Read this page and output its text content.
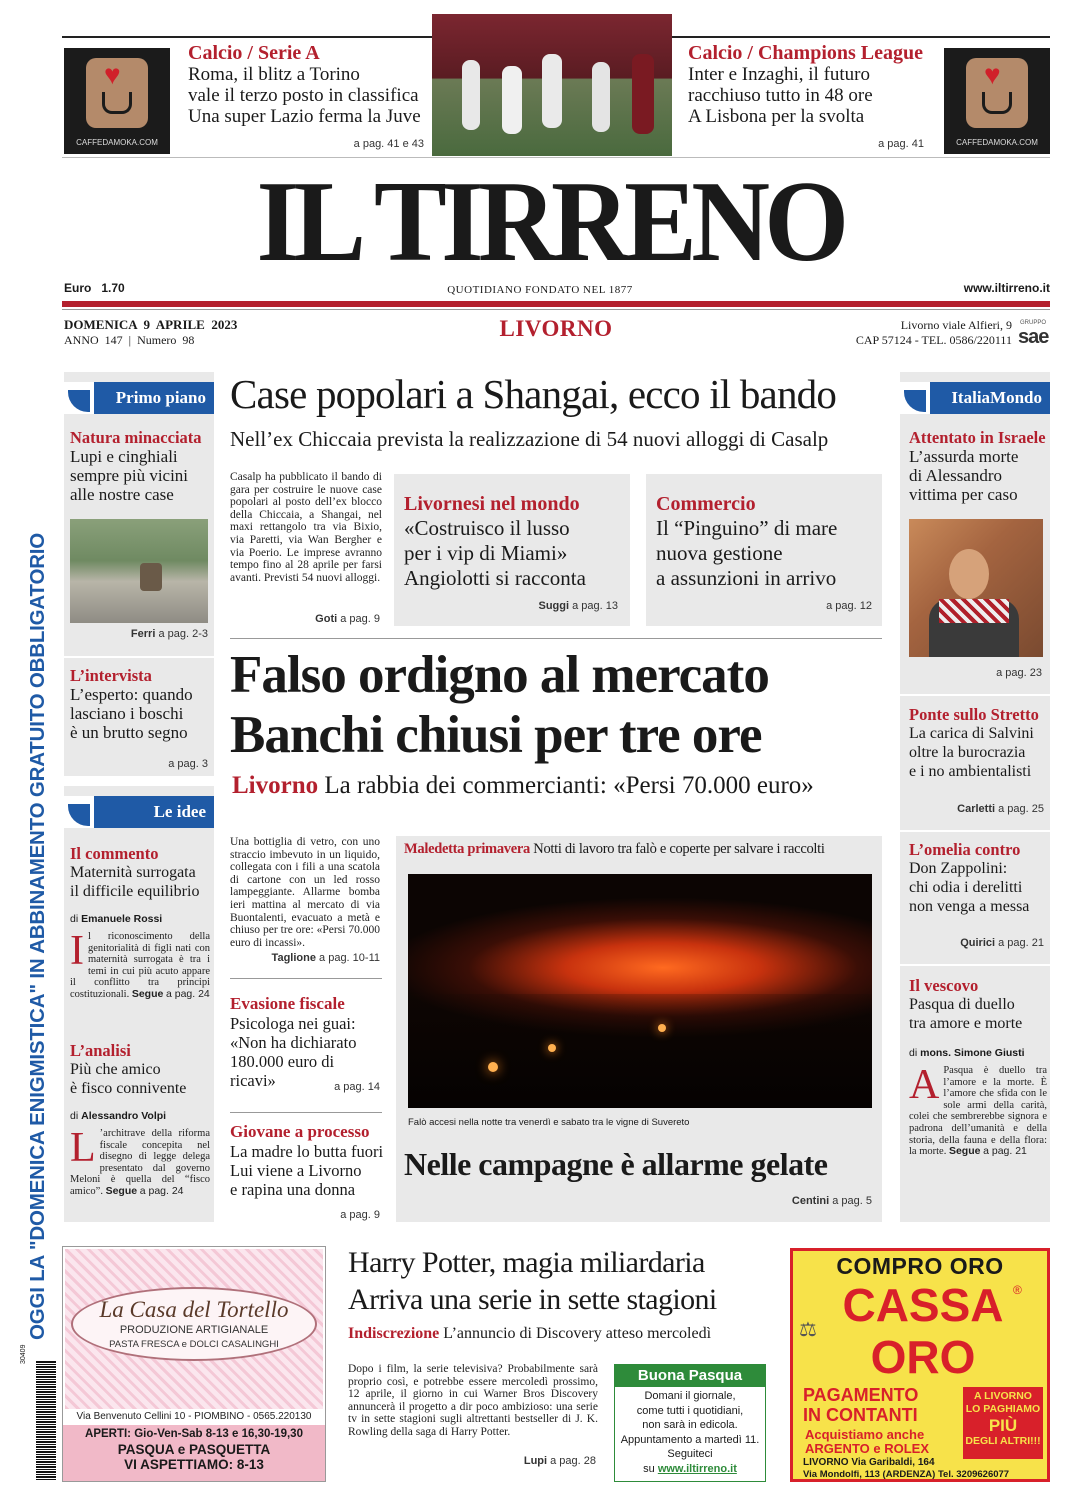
♥
CAFFEDAMOKA.COM
Calcio / Serie A
Roma, il blitz a Torino
vale il terzo posto in classifica
Una super Lazio ferma la Juve
a pag. 41 e 43
Calcio / Champions League
Inter e Inzaghi, il futuro
racchiuso tutto in 48 ore
A Lisbona per la svolta
a pag. 41
♥
CAFFEDAMOKA.COM
IL TIRRENO
Euro   1.70	QUOTIDIANO FONDATO NEL 1877	www.iltirreno.it
DOMENICA  9  APRILE  2023
ANNO  147  |  Numero  98	LIVORNO	Livorno viale Alfieri, 9
CAP 57124 - TEL. 0586/220111
GRUPPO
sae
OGGI LA "DOMENICA ENIGMISTICA" IN ABBINAMENTO GRATUITO OBBLIGATORIO
Primo piano
Natura minacciata
Lupi e cinghiali
sempre più vicini
alle nostre case
Ferri a pag. 2-3
L’intervista
L’esperto: quando
lasciano i boschi
è un brutto segno
a pag. 3
Le idee
Il commento
Maternità surrogata
il difficile equilibrio
di Emanuele Rossi
Il riconoscimento della genitorialità di figli nati con maternità surrogata è tra i temi in cui più acuto appare il conflitto tra principi costituzionali. Segue a pag. 24
L’analisi
Più che amico
è fisco connivente
di Alessandro Volpi
L ’architrave della riforma fiscale concepita nel disegno di legge delega presentato dal governo Meloni è quella del “fisco amico”. Segue a pag. 24
Case popolari a Shangai, ecco il bando
Nell’ex Chiccaia prevista la realizzazione di 54 nuovi alloggi di Casalp
Casalp ha pubblicato il bando di gara per costruire le nuove case popolari al posto dell’ex blocco della Chiccaia, a Shangai, nel maxi rettangolo tra via Bixio, via Paretti, via Wan Bergher e via Poerio. Le imprese avranno tempo fino al 28 aprile per farsi avanti. Previsti 54 nuovi alloggi.
Goti a pag. 9
Livornesi nel mondo
«Costruisco il lusso
per i vip di Miami»
Angiolotti si racconta
Suggi a pag. 13
Commercio
Il “Pinguino” di mare
nuova gestione
a assunzioni in arrivo
a pag. 12
Falso ordigno al mercato
Banchi chiusi per tre ore
Livorno La rabbia dei commercianti: «Persi 70.000 euro»
Una bottiglia di vetro, con uno straccio imbevuto in un liquido, collegata con i fili a una scatola di cartone con un led rosso lampeggiante. Allarme bomba ieri mattina al mercato di via Buontalenti, evacuato a metà e chiuso per tre ore: «Persi 70.000 euro di incassi».
Taglione a pag. 10-11
Evasione fiscale
Psicologa nei guai:
«Non ha dichiarato
180.000 euro di ricavi»	a pag. 14
Giovane a processo
La madre lo butta fuori
Lui viene a Livorno
e rapina una donna
a pag. 9
Maledetta primavera Notti di lavoro tra falò e coperte per salvare i raccolti
Falò accesi nella notte tra venerdì e sabato tra le vigne di Suvereto
Nelle campagne è allarme gelate
Centini a pag. 5
ItaliaMondo
Attentato in Israele
L’assurda morte
di Alessandro
vittima per caso
a pag. 23
Ponte sullo Stretto
La carica di Salvini
oltre la burocrazia
e i no ambientalisti
Carletti a pag. 25
L’omelia contro
Don Zappolini:
chi odia i derelitti
non venga a messa
Quirici a pag. 21
Il vescovo
Pasqua di duello
tra amore e morte
di mons. Simone Giusti
A Pasqua è duello tra l’amore e la morte. È l’amore che sfida con le sole armi della carità, colei che sembrerebbe signora e padrona dell’umanità e della storia, della fauna e della flora: la morte. Segue a pag. 21
La Casa del Tortello
PRODUZIONE ARTIGIANALE
PASTA FRESCA e DOLCI CASALINGHI
Via Benvenuto Cellini 10 - PIOMBINO - 0565.220130
APERTI: Gio-Ven-Sab 8-13 e 16,30-19,30
PASQUA e PASQUETTA
VI ASPETTIAMO: 8-13
30409
Harry Potter, magia miliardaria
Arriva una serie in sette stagioni
Indiscrezione L’annuncio di Discovery atteso mercoledì
Dopo i film, la serie televisiva? Probabilmente sarà proprio così, e potrebbe essere mercoledì prossimo, 12 aprile, il giorno in cui Warner Bros Discovery annuncerà il progetto a dir poco ambizioso: una serie tv in sette stagioni sugli altrettanti bestseller di J. K. Rowling della saga di Harry Potter.
Lupi a pag. 28
Buona Pasqua
Domani il giornale,
come tutti i quotidiani,
non sarà in edicola.
Appuntamento a martedì 11.
Seguiteci
su www.iltirreno.it
COMPRO ORO
⚖ CASSA ®
ORO
PAGAMENTO
IN CONTANTI
Acquistiamo anche
ARGENTO e ROLEX
A LIVORNO
LO PAGHIAMO
PIÙ
DEGLI ALTRI!!!
LIVORNO Via Garibaldi, 164
Via Mondolfi, 113 (ARDENZA) Tel. 3209626077
